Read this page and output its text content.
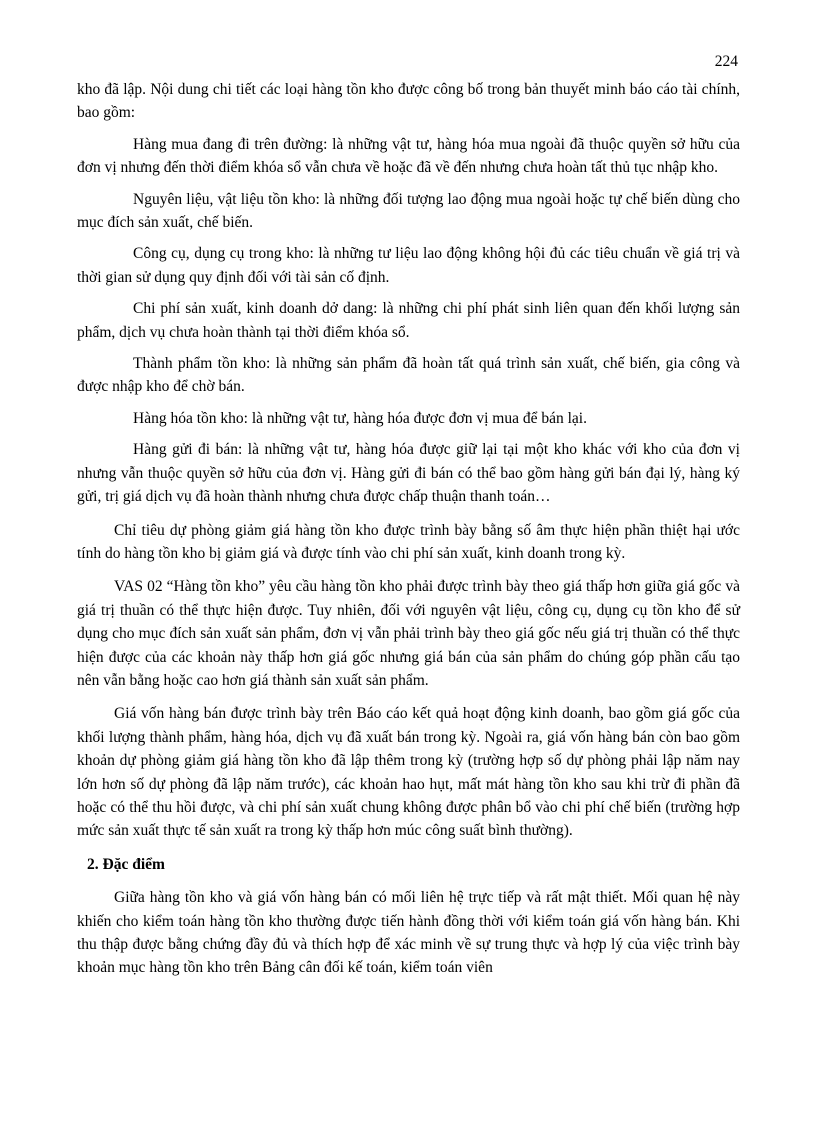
224

kho đã lập. Nội dung chi tiết các loại hàng tồn kho được công bố trong bản thuyết minh báo cáo tài chính, bao gồm:

Hàng mua đang đi trên đường: là những vật tư, hàng hóa mua ngoài đã thuộc quyền sở hữu của đơn vị nhưng đến thời điểm khóa sổ vẫn chưa về hoặc đã về đến nhưng chưa hoàn tất thủ tục nhập kho.

Nguyên liệu, vật liệu tồn kho: là những đối tượng lao động mua ngoài hoặc tự chế biến dùng cho mục đích sản xuất, chế biến.

Công cụ, dụng cụ trong kho: là những tư liệu lao động không hội đủ các tiêu chuẩn về giá trị và thời gian sử dụng quy định đối với tài sản cố định.

Chi phí sản xuất, kinh doanh dở dang: là những chi phí phát sinh liên quan đến khối lượng sản phẩm, dịch vụ chưa hoàn thành tại thời điểm khóa sổ.

Thành phẩm tồn kho: là những sản phẩm đã hoàn tất quá trình sản xuất, chế biến, gia công và được nhập kho để chờ bán.

Hàng hóa tồn kho: là những vật tư, hàng hóa được đơn vị mua để bán lại.

Hàng gửi đi bán: là những vật tư, hàng hóa được giữ lại tại một kho khác với kho của đơn vị nhưng vẫn thuộc quyền sở hữu của đơn vị. Hàng gửi đi bán có thể bao gồm hàng gửi bán đại lý, hàng ký gửi, trị giá dịch vụ đã hoàn thành nhưng chưa được chấp thuận thanh toán…

Chỉ tiêu dự phòng giảm giá hàng tồn kho được trình bày bằng số âm thực hiện phần thiệt hại ước tính do hàng tồn kho bị giảm giá và được tính vào chi phí sản xuất, kinh doanh trong kỳ.

VAS 02 “Hàng tồn kho” yêu cầu hàng tồn kho phải được trình bày theo giá thấp hơn giữa giá gốc và giá trị thuần có thể thực hiện được. Tuy nhiên, đối với nguyên vật liệu, công cụ, dụng cụ tồn kho để sử dụng cho mục đích sản xuất sản phẩm, đơn vị vẫn phải trình bày theo giá gốc nếu giá trị thuần có thể thực hiện được của các khoản này thấp hơn giá gốc nhưng giá bán của sản phẩm do chúng góp phần cấu tạo nên vẫn bằng hoặc cao hơn giá thành sản xuất sản phẩm.

Giá vốn hàng bán được trình bày trên Báo cáo kết quả hoạt động kinh doanh, bao gồm giá gốc của khối lượng thành phẩm, hàng hóa, dịch vụ đã xuất bán trong kỳ. Ngoài ra, giá vốn hàng bán còn bao gồm khoản dự phòng giảm giá hàng tồn kho đã lập thêm trong kỳ (trường hợp số dự phòng phải lập năm nay lớn hơn số dự phòng đã lập năm trước), các khoản hao hụt, mất mát hàng tồn kho sau khi trừ đi phần đã hoặc có thể thu hồi được, và chi phí sản xuất chung không được phân bổ vào chi phí chế biến (trường hợp mức sản xuất thực tế sản xuất ra trong kỳ thấp hơn múc công suất bình thường).

2. Đặc điểm

Giữa hàng tồn kho và giá vốn hàng bán có mối liên hệ trực tiếp và rất mật thiết. Mối quan hệ này khiến cho kiểm toán hàng tồn kho thường được tiến hành đồng thời với kiểm toán giá vốn hàng bán. Khi thu thập được bằng chứng đầy đủ và thích hợp để xác minh về sự trung thực và hợp lý của việc trình bày khoản mục hàng tồn kho trên Bảng cân đối kế toán, kiểm toán viên
